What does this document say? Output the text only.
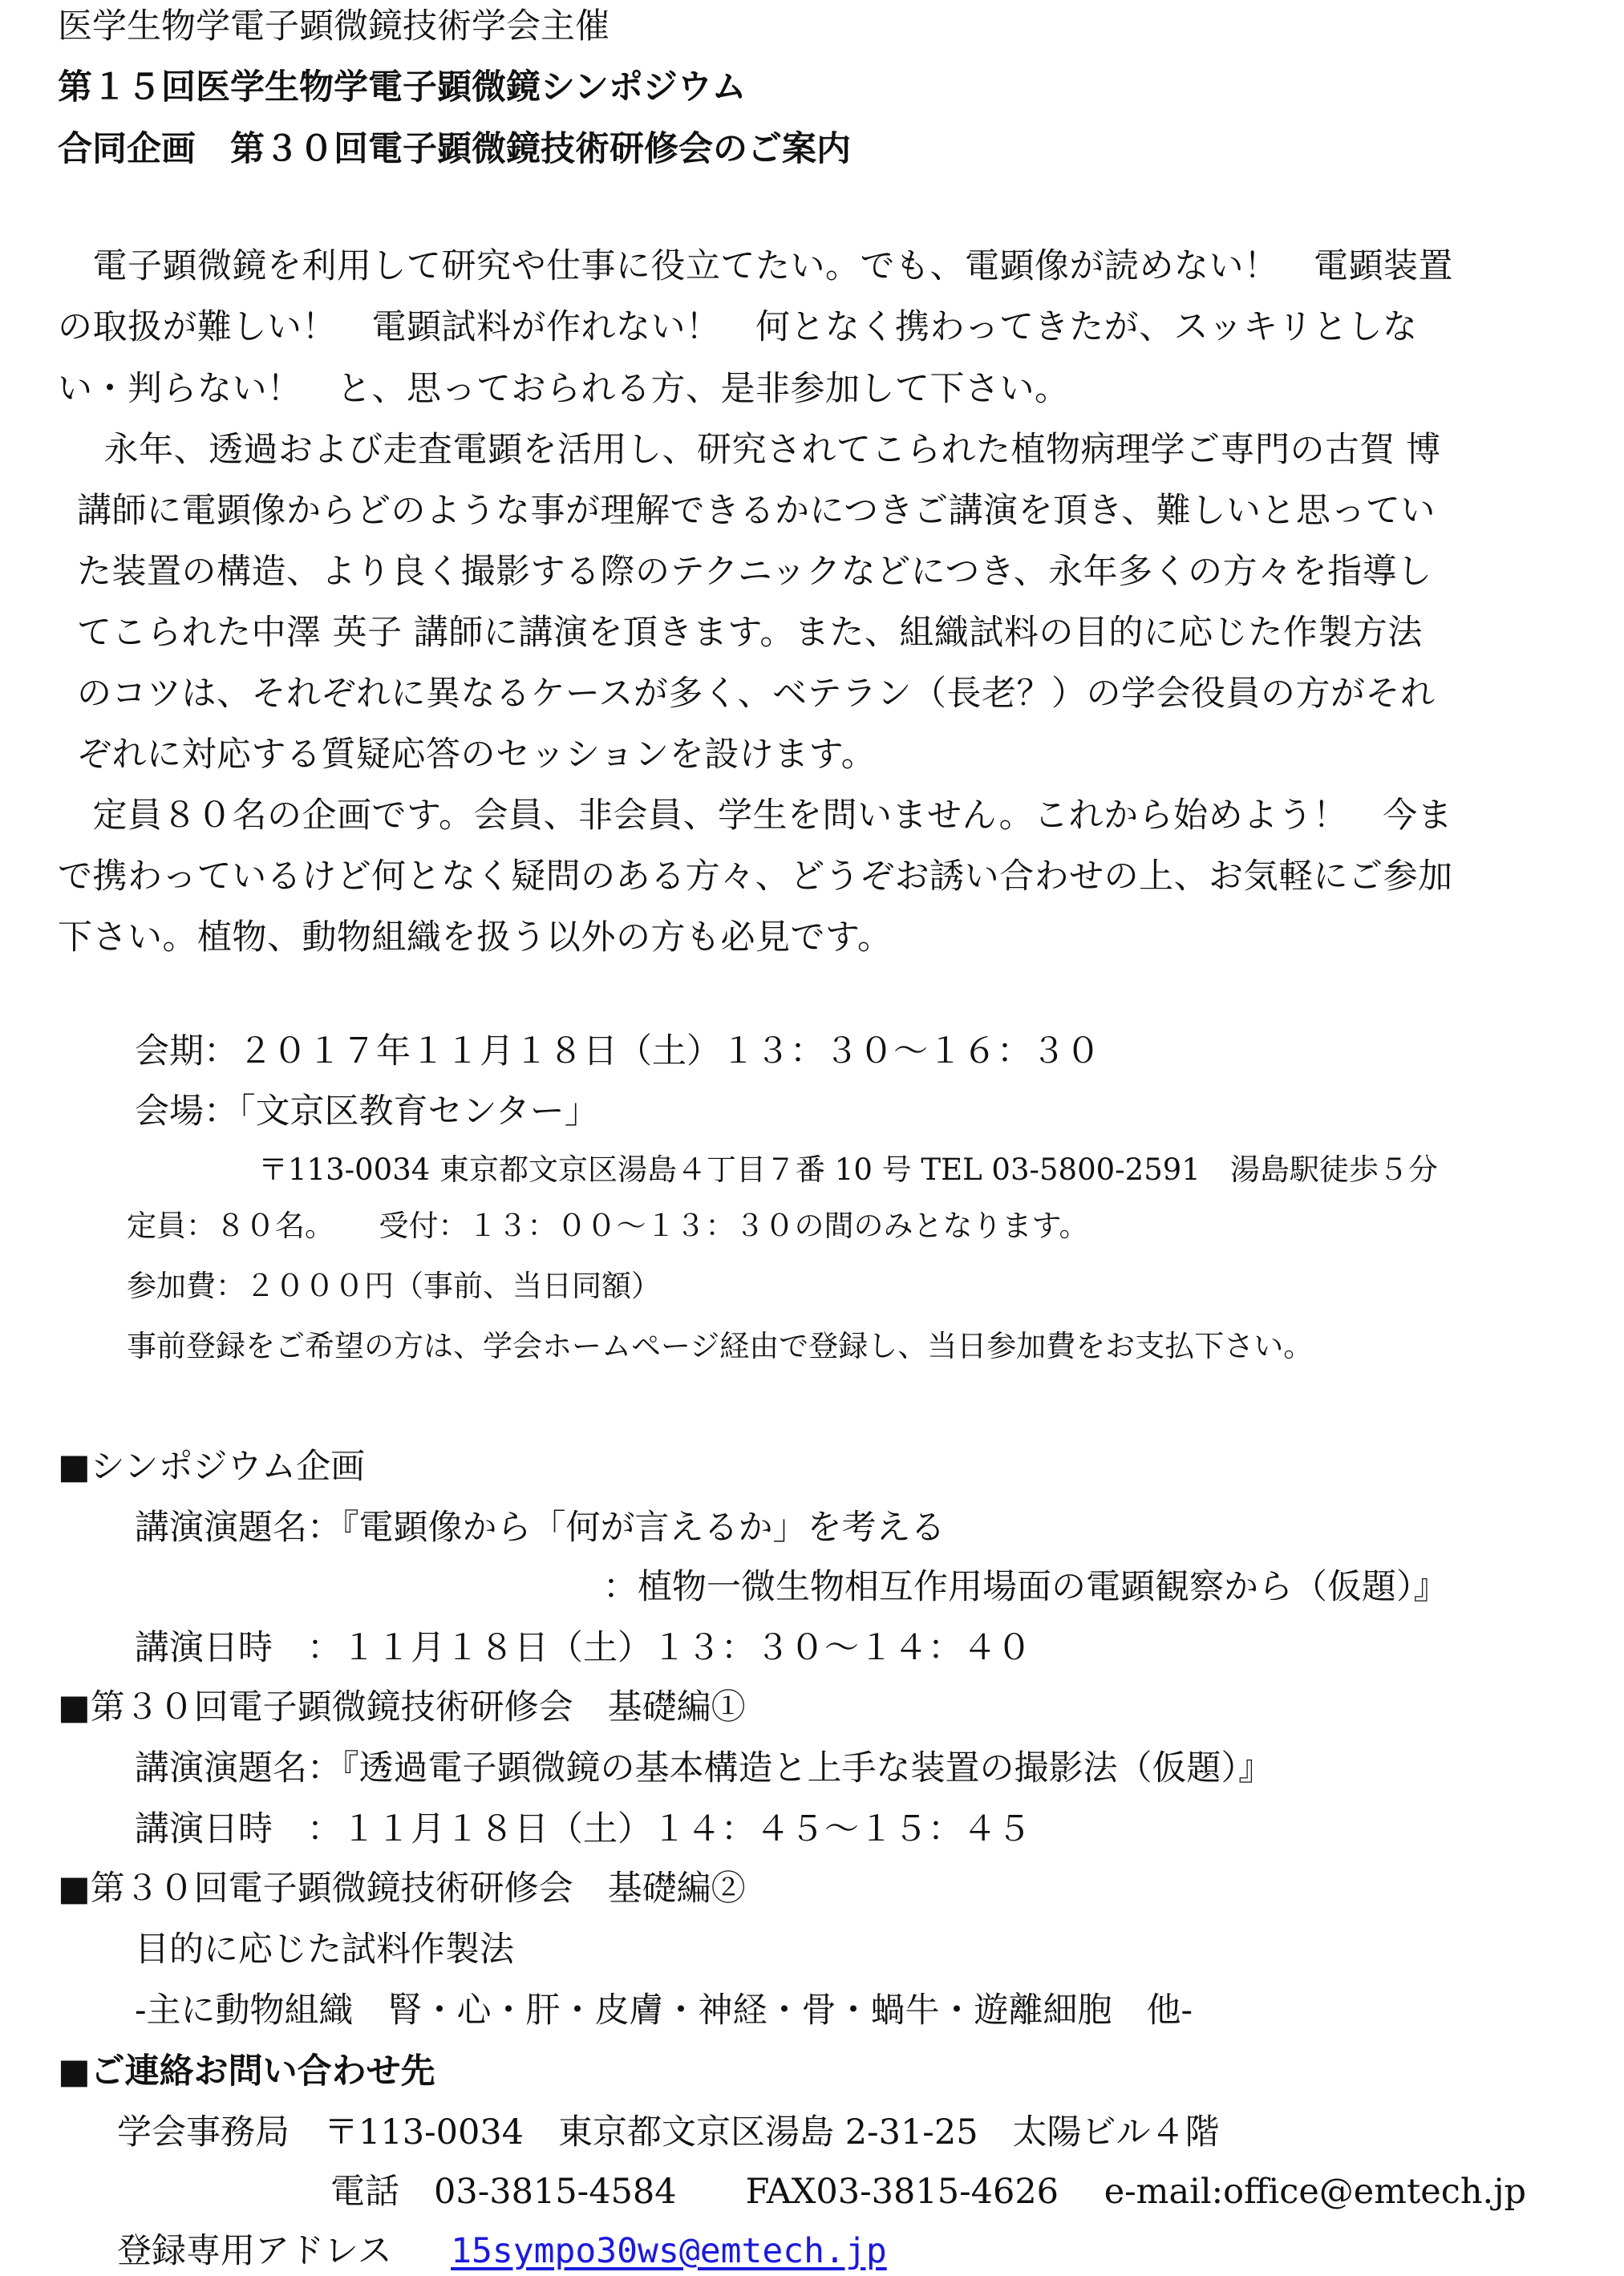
医学生物学電子顕微鏡技術学会主催
第１５回医学生物学電子顕微鏡シンポジウム
合同企画　第３０回電子顕微鏡技術研修会のご案内
　電子顕微鏡を利用して研究や仕事に役立てたい。でも、電顕像が読めない！　電顕装置
の取扱が難しい！　電顕試料が作れない！　何となく携わってきたが、スッキリとしな
い・判らない！　と、思っておられる方、是非参加して下さい。
　永年、透過および走査電顕を活用し、研究されてこられた植物病理学ご専門の古賀 博
講師に電顕像からどのような事が理解できるかにつきご講演を頂き、難しいと思ってい
た装置の構造、より良く撮影する際のテクニックなどにつき、永年多くの方々を指導し
てこられた中澤 英子 講師に講演を頂きます。また、組織試料の目的に応じた作製方法
のコツは、それぞれに異なるケースが多く、ベテラン（長老？）の学会役員の方がそれ
ぞれに対応する質疑応答のセッションを設けます。
　定員８０名の企画です。会員、非会員、学生を問いません。これから始めよう！　今ま
で携わっているけど何となく疑問のある方々、どうぞお誘い合わせの上、お気軽にご参加
下さい。植物、動物組織を扱う以外の方も必見です。
会期：２０１７年１１月１８日（土）１３：３０～１６：３０
会場：「文京区教育センター」
〒113-0034 東京都文京区湯島４丁目７番 10 号 TEL 03-5800-2591　湯島駅徒歩５分
定員：８０名。　　受付：１３：００～１３：３０の間のみとなります。
参加費：２０００円（事前、当日同額）
事前登録をご希望の方は、学会ホームページ経由で登録し、当日参加費をお支払下さい。
■シンポジウム企画
講演演題名：『電顕像から「何が言えるか」を考える
：植物一微生物相互作用場面の電顕観察から（仮題）』
講演日時　：１１月１８日（土）１３：３０～１４：４０
■第３０回電子顕微鏡技術研修会　基礎編①
講演演題名：『透過電子顕微鏡の基本構造と上手な装置の撮影法（仮題）』
講演日時　：１１月１８日（土）１４：４５～１５：４５
■第３０回電子顕微鏡技術研修会　基礎編②
目的に応じた試料作製法
-主に動物組織　腎・心・肝・皮膚・神経・骨・蝸牛・遊離細胞　他-
■ご連絡お問い合わせ先
学会事務局　〒113-0034　東京都文京区湯島 2-31-25　太陽ビル４階
電話　03-3815-4584　　FAX03-3815-4626　 e-mail:office@emtech.jp
登録専用アドレス 15sympo30ws@emtech.jp
